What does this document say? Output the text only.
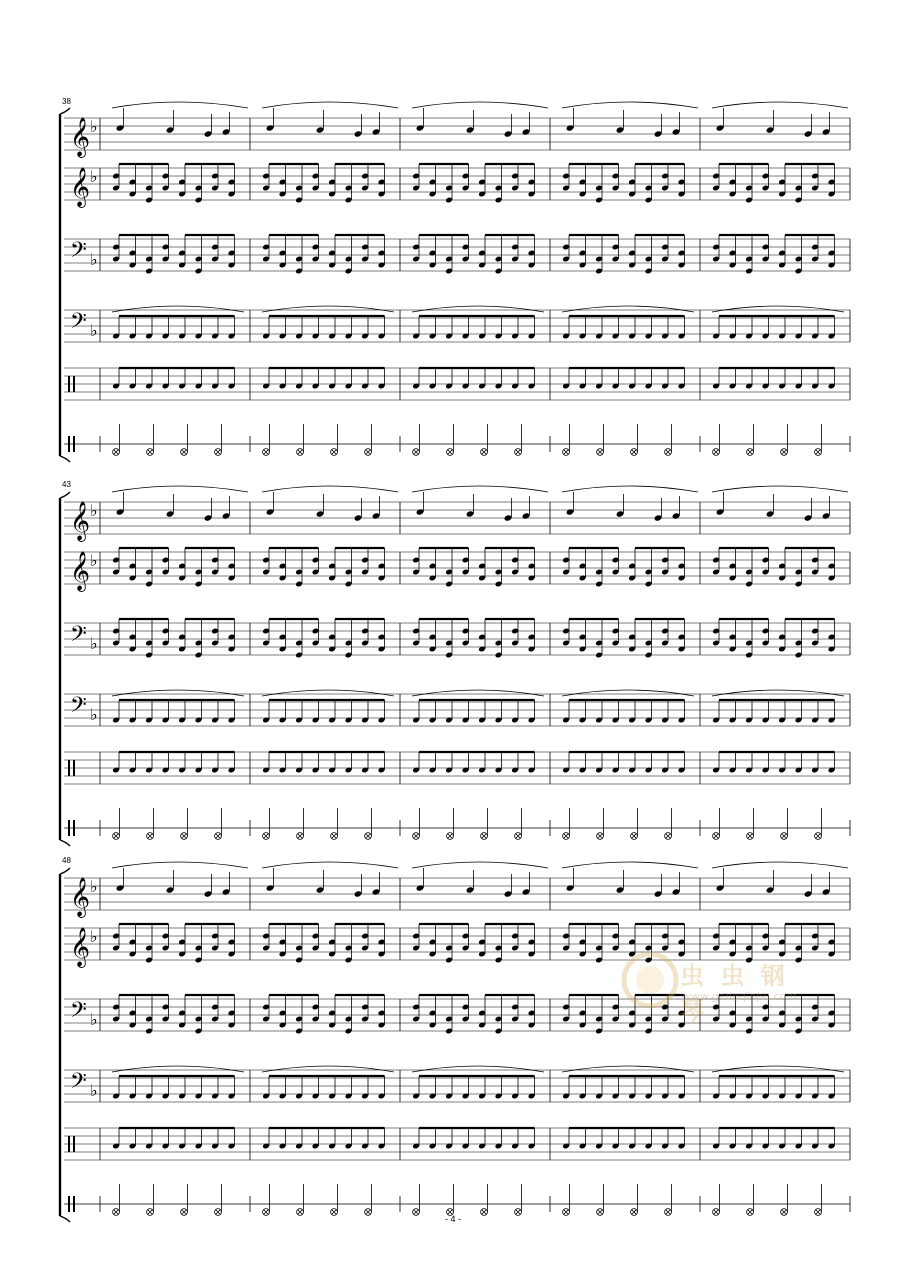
𝄞 ♭
𝄞 ♭
𝄢 ♭
𝄢 ♭
𝄞 ♭
𝄞 ♭
𝄢 ♭
𝄢 ♭
𝄞 ♭
𝄞 ♭
𝄢 ♭
𝄢 ♭
38
43
48
- 4 -
虫 虫 钢 琴
www.gangqinpu.com
